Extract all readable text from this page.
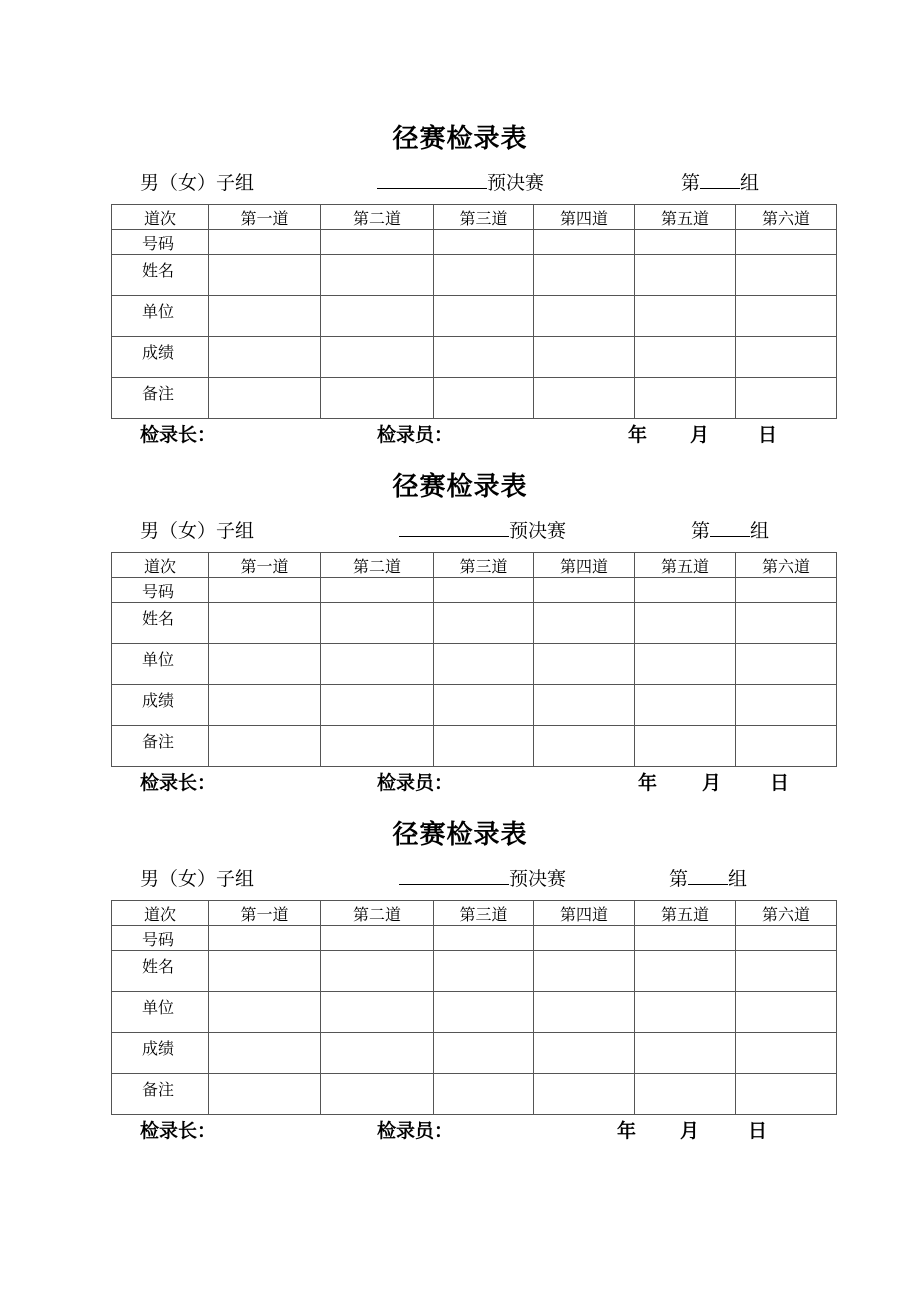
径赛检录表
男（女）子组	预决赛	第 组
道次	第一道	第二道	第三道	第四道	第五道	第六道
号码						
姓名						
单位						
成绩						
备注						
检录长：	检录员：	年 月	日
径赛检录表
男（女）子组	预决赛	第 组
道次	第一道	第二道	第三道	第四道	第五道	第六道
号码						
姓名						
单位						
成绩						
备注						
检录长：	检录员：	年 月	日
径赛检录表
男（女）子组	预决赛	第 组
道次	第一道	第二道	第三道	第四道	第五道	第六道
号码						
姓名						
单位						
成绩						
备注						
检录长：	检录员：	年 月	日
